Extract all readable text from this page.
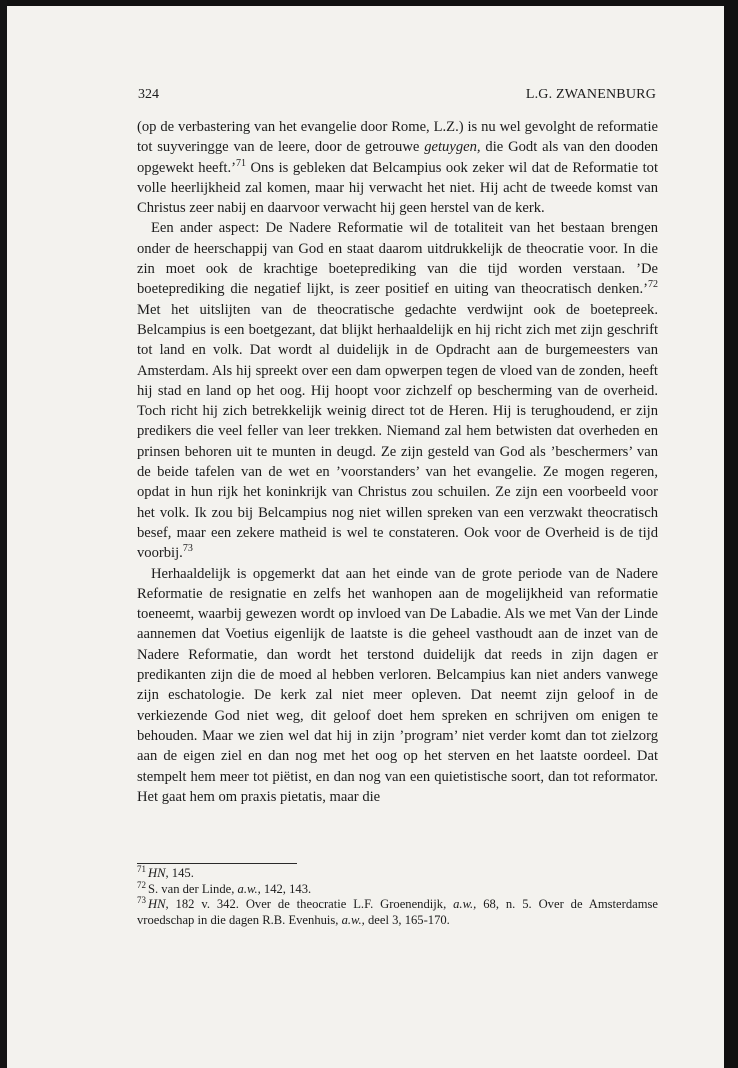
324	L.G. ZWANENBURG

(op de verbastering van het evangelie door Rome, L.Z.) is nu wel gevolght de reformatie tot suyveringge van de leere, door de getrouwe getuygen, die Godt als van den dooden opgewekt heeft.’$^{71}$ Ons is gebleken dat Belcampius ook zeker wil dat de Reformatie tot volle heerlijkheid zal komen, maar hij verwacht het niet. Hij acht de tweede komst van Christus zeer nabij en daarvoor verwacht hij geen herstel van de kerk.

Een ander aspect: De Nadere Reformatie wil de totaliteit van het bestaan brengen onder de heerschappij van God en staat daarom uitdrukkelijk de theocratie voor. In die zin moet ook de krachtige boeteprediking van die tijd worden verstaan. ’De boeteprediking die negatief lijkt, is zeer positief en uiting van theocratisch denken.’$^{72}$ Met het uitslijten van de theocratische gedachte verdwijnt ook de boetepreek. Belcampius is een boetgezant, dat blijkt herhaaldelijk en hij richt zich met zijn geschrift tot land en volk. Dat wordt al duidelijk in de Opdracht aan de burgemeesters van Amsterdam. Als hij spreekt over een dam opwerpen tegen de vloed van de zonden, heeft hij stad en land op het oog. Hij hoopt voor zichzelf op bescherming van de overheid. Toch richt hij zich betrekkelijk weinig direct tot de Heren. Hij is terughoudend, er zijn predikers die veel feller van leer trekken. Niemand zal hem betwisten dat overheden en prinsen behoren uit te munten in deugd. Ze zijn gesteld van God als ’beschermers’ van de beide tafelen van de wet en ’voorstanders’ van het evangelie. Ze mogen regeren, opdat in hun rijk het koninkrijk van Christus zou schuilen. Ze zijn een voorbeeld voor het volk. Ik zou bij Belcampius nog niet willen spreken van een verzwakt theocratisch besef, maar een zekere matheid is wel te constateren. Ook voor de Overheid is de tijd voorbij.$^{73}$

Herhaaldelijk is opgemerkt dat aan het einde van de grote periode van de Nadere Reformatie de resignatie en zelfs het wanhopen aan de mogelijkheid van reformatie toeneemt, waarbij gewezen wordt op invloed van De Labadie. Als we met Van der Linde aannemen dat Voetius eigenlijk de laatste is die geheel vasthoudt aan de inzet van de Nadere Reformatie, dan wordt het terstond duidelijk dat reeds in zijn dagen er predikanten zijn die de moed al hebben verloren. Belcampius kan niet anders vanwege zijn eschatologie. De kerk zal niet meer opleven. Dat neemt zijn geloof in de verkiezende God niet weg, dit geloof doet hem spreken en schrijven om enigen te behouden. Maar we zien wel dat hij in zijn ’program’ niet verder komt dan tot zielzorg aan de eigen ziel en dan nog met het oog op het sterven en het laatste oordeel. Dat stempelt hem meer tot piëtist, en dan nog van een quietistische soort, dan tot reformator. Het gaat hem om praxis pietatis, maar die

$^{71}$ HN, 145.

$^{72}$ S. van der Linde, a.w., 142, 143.

$^{73}$ HN, 182 v. 342. Over de theocratie L.F. Groenendijk, a.w., 68, n. 5. Over de Amsterdamse vroedschap in die dagen R.B. Evenhuis, a.w., deel 3, 165-170.
